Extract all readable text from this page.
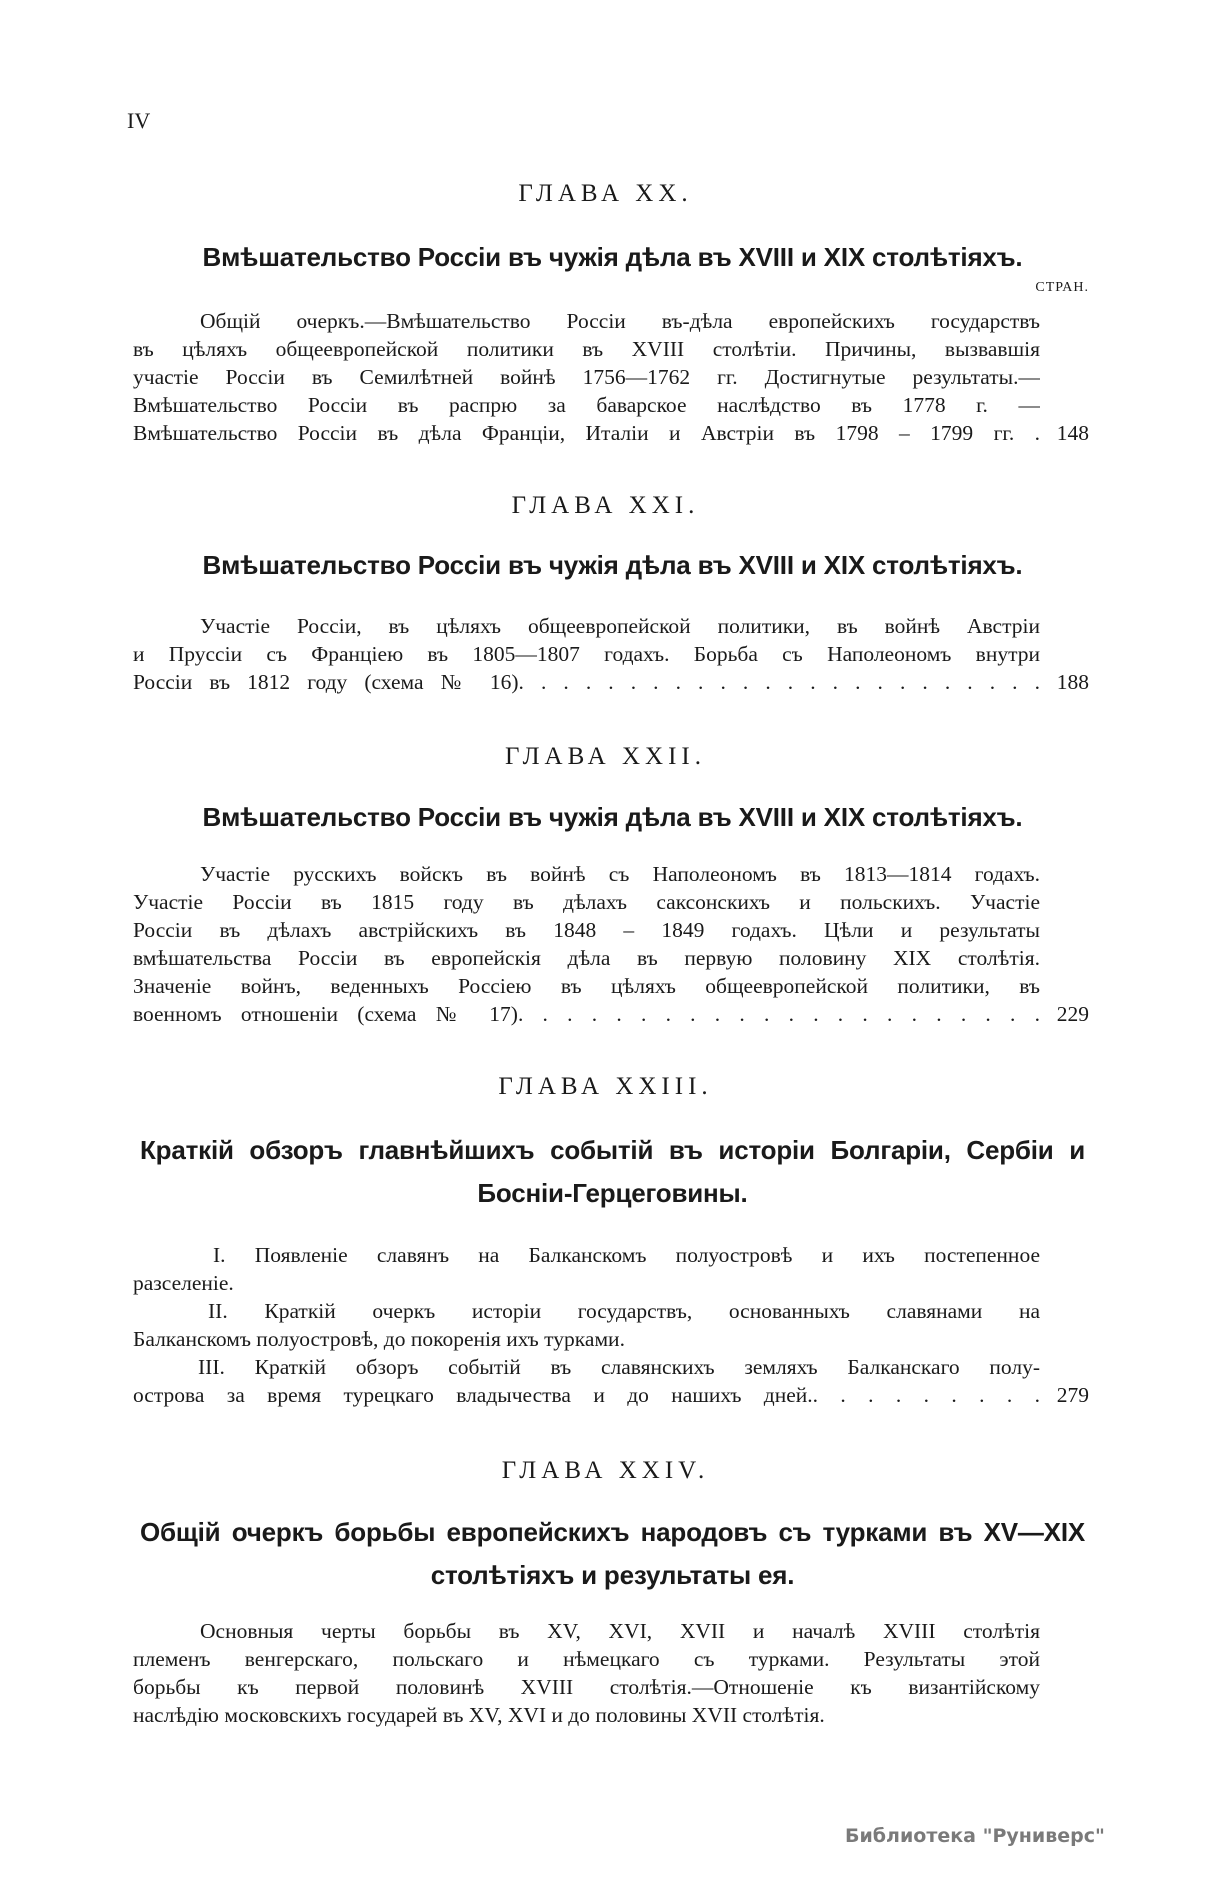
IV
СТРАН.
ГЛАВА XX.
Вмѣшательство Россіи въ чужія дѣла въ XVIII и XIX столѣтіяхъ.
Общій очеркъ.—Вмѣшательство Россіи въ-дѣла европейскихъ государствъ
въ цѣляхъ общеевропейской политики въ XVIII столѣтіи. Причины, вызвавшія
участіе Россіи въ Семилѣтней войнѣ 1756—1762 гг. Достигнутые результаты.—
Вмѣшательство Россіи въ распрю за баварское наслѣдство въ 1778 г. —
Вмѣшательство Россіи въ дѣла Франціи, Италіи и Австріи въ 1798 – 1799 гг. . 148
ГЛАВА XXI.
Вмѣшательство Россіи въ чужія дѣла въ XVIII и XIX столѣтіяхъ.
Участіе Россіи, въ цѣляхъ общеевропейской политики, въ войнѣ Австріи
и Пруссіи съ Франціею въ 1805—1807 годахъ. Борьба съ Наполеономъ внутри
Россіи въ 1812 году (схема № 16). . . . . . . . . . . . . . . . . . . . . . . . 188
ГЛАВА XXII.
Вмѣшательство Россіи въ чужія дѣла въ XVIII и XIX столѣтіяхъ.
Участіе русскихъ войскъ въ войнѣ съ Наполеономъ въ 1813—1814 годахъ.
Участіе Россіи въ 1815 году въ дѣлахъ саксонскихъ и польскихъ. Участіе
Россіи въ дѣлахъ австрійскихъ въ 1848 – 1849 годахъ. Цѣли и результаты
вмѣшательства Россіи въ европейскія дѣла въ первую половину XIX столѣтія.
Значеніе войнъ, веденныхъ Россіею въ цѣляхъ общеевропейской политики, въ
военномъ отношеніи (схема № 17). . . . . . . . . . . . . . . . . . . . . . 229
ГЛАВА XXIII.
Краткій обзоръ главнѣйшихъ событій въ исторіи Болгаріи, Сербіи и
Босніи-Герцеговины.
I. Появленіе славянъ на Балканскомъ полуостровѣ и ихъ постепенное
разселеніе.
II. Краткій очеркъ исторіи государствъ, основанныхъ славянами на
Балканскомъ полуостровѣ, до покоренія ихъ турками.
III. Краткій обзоръ событій въ славянскихъ земляхъ Балканскаго полу-
острова за время турецкаго владычества и до нашихъ дней.. . . . . . . . . 279
ГЛАВА XXIV.
Общій очеркъ борьбы европейскихъ народовъ съ турками въ XV—XIX
столѣтіяхъ и результаты ея.
Основныя черты борьбы въ XV, XVI, XVII и началѣ XVIII столѣтія
племенъ венгерскаго, польскаго и нѣмецкаго съ турками. Результаты этой
борьбы къ первой половинѣ XVIII столѣтія.—Отношеніе къ византійскому
наслѣдію московскихъ государей въ XV, XVI и до половины XVII столѣтія.
Библиотека "Руниверс"
